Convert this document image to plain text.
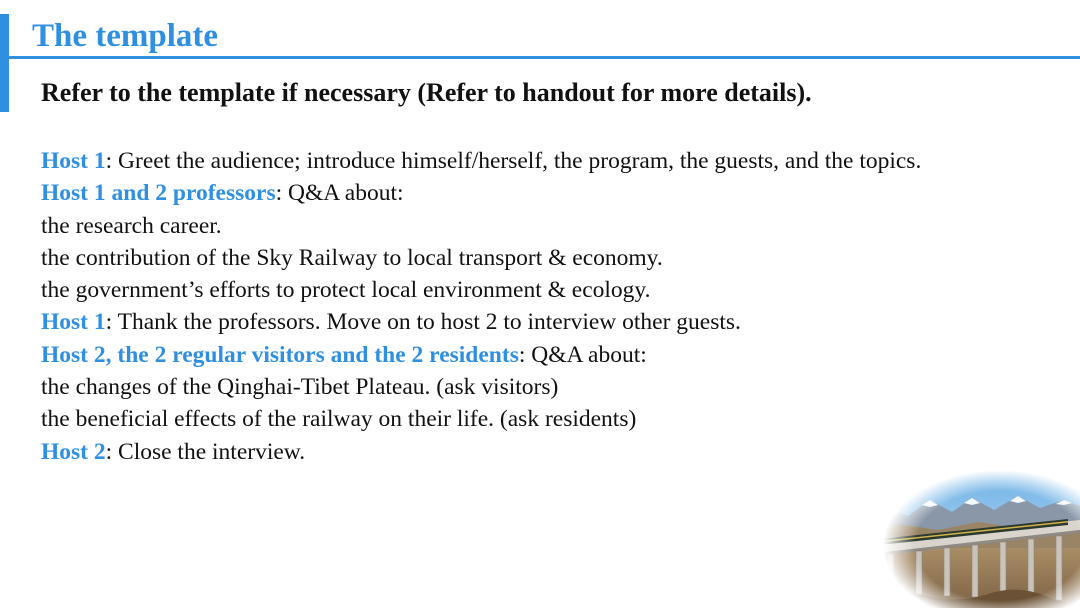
The template
Refer to the template if necessary (Refer to handout for more details).
Host 1: Greet the audience; introduce himself/herself, the program, the guests, and the topics.
Host 1 and 2 professors: Q&A about:
the research career.
the contribution of the Sky Railway to local transport & economy.
the government’s efforts to protect local environment & ecology.
Host 1: Thank the professors. Move on to host 2 to interview other guests.
Host 2, the 2 regular visitors and the 2 residents: Q&A about:
the changes of the Qinghai-Tibet Plateau. (ask visitors)
the beneficial effects of the railway on their life. (ask residents)
Host 2: Close the interview.
